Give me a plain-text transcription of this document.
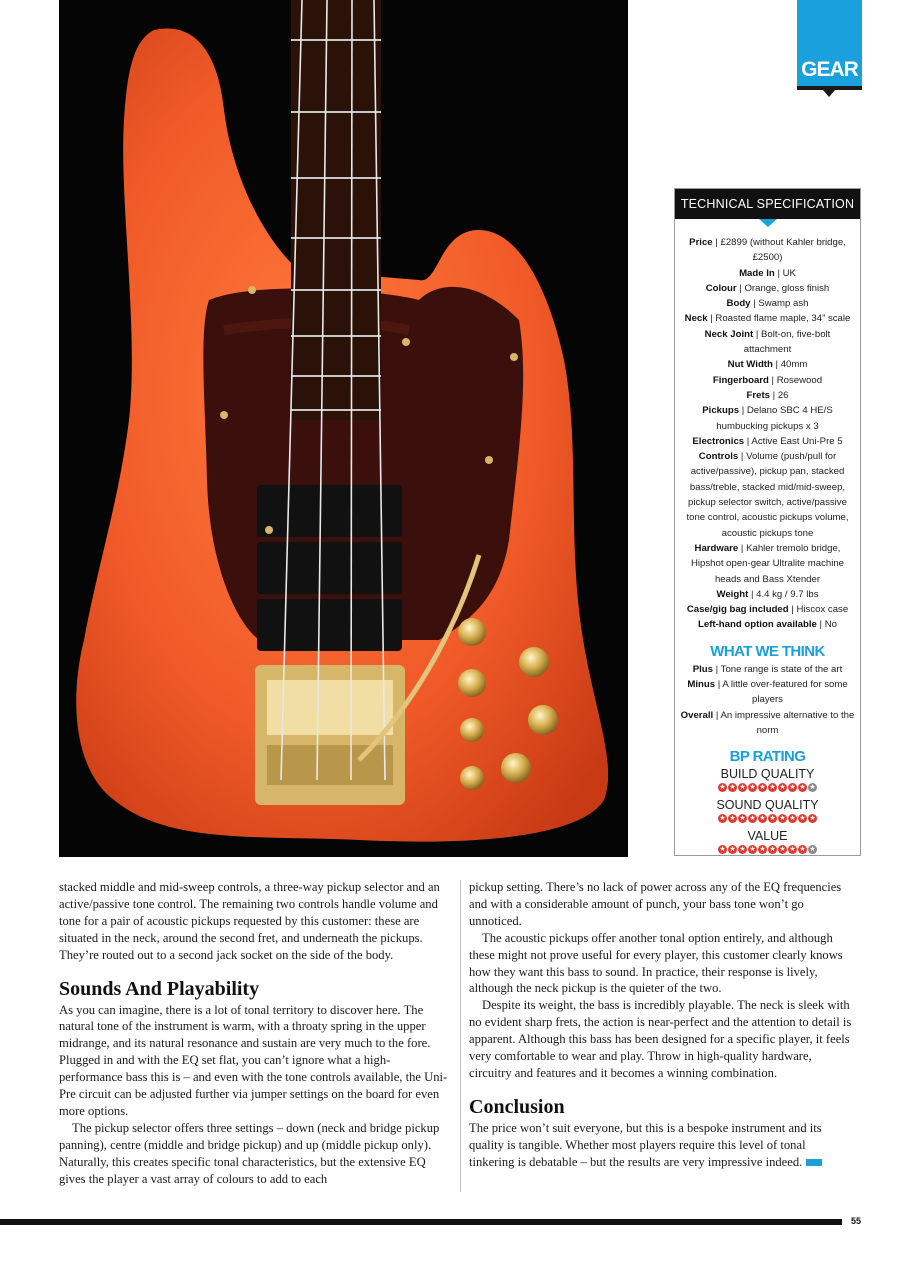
GEAR
TECHNICAL SPECIFICATION
Price | £2899 (without Kahler bridge, £2500)
Made In | UK
Colour | Orange, gloss finish
Body | Swamp ash
Neck | Roasted flame maple, 34” scale
Neck Joint | Bolt-on, five-bolt attachment
Nut Width | 40mm
Fingerboard | Rosewood
Frets | 26
Pickups | Delano SBC 4 HE/S humbucking pickups x 3
Electronics | Active East Uni-Pre 5
Controls | Volume (push/pull for active/passive), pickup pan, stacked bass/treble, stacked mid/mid-sweep, pickup selector switch, active/passive tone control, acoustic pickups volume, acoustic pickups tone
Hardware | Kahler tremolo bridge, Hipshot open-gear Ultralite machine heads and Bass Xtender
Weight | 4.4 kg / 9.7 lbs
Case/gig bag included | Hiscox case
Left-hand option available | No
WHAT WE THINK
Plus | Tone range is state of the art
Minus | A little over-featured for some players
Overall | An impressive alternative to the norm
BP RATING
BUILD QUALITY
★ ★ ★ ★ ★ ★ ★ ★ ★ ★
SOUND QUALITY
★ ★ ★ ★ ★ ★ ★ ★ ★ ★
VALUE
★ ★ ★ ★ ★ ★ ★ ★ ★ ★

stacked middle and mid-sweep controls, a three-way pickup selector and an active/passive tone control. The remaining two controls handle volume and tone for a pair of acoustic pickups requested by this customer: these are situated in the neck, around the second fret, and underneath the pickups. They’re routed out to a second jack socket on the side of the body.

Sounds And Playability

As you can imagine, there is a lot of tonal territory to discover here. The natural tone of the instrument is warm, with a throaty spring in the upper midrange, and its natural resonance and sustain are very much to the fore. Plugged in and with the EQ set flat, you can’t ignore what a high-performance bass this is – and even with the tone controls available, the Uni-Pre circuit can be adjusted further via jumper settings on the board for even more options.

The pickup selector offers three settings – down (neck and bridge pickup panning), centre (middle and bridge pickup) and up (middle pickup only). Naturally, this creates specific tonal characteristics, but the extensive EQ gives the player a vast array of colours to add to each

pickup setting. There’s no lack of power across any of the EQ frequencies and with a considerable amount of punch, your bass tone won’t go unnoticed.

The acoustic pickups offer another tonal option entirely, and although these might not prove useful for every player, this customer clearly knows how they want this bass to sound. In practice, their response is lively, although the neck pickup is the quieter of the two.

Despite its weight, the bass is incredibly playable. The neck is sleek with no evident sharp frets, the action is near-perfect and the attention to detail is apparent. Although this bass has been designed for a specific player, it feels very comfortable to wear and play. Throw in high-quality hardware, circuitry and features and it becomes a winning combination.

Conclusion

The price won’t suit everyone, but this is a bespoke instrument and its quality is tangible. Whether most players require this level of tonal tinkering is debatable – but the results are very impressive indeed.

55
